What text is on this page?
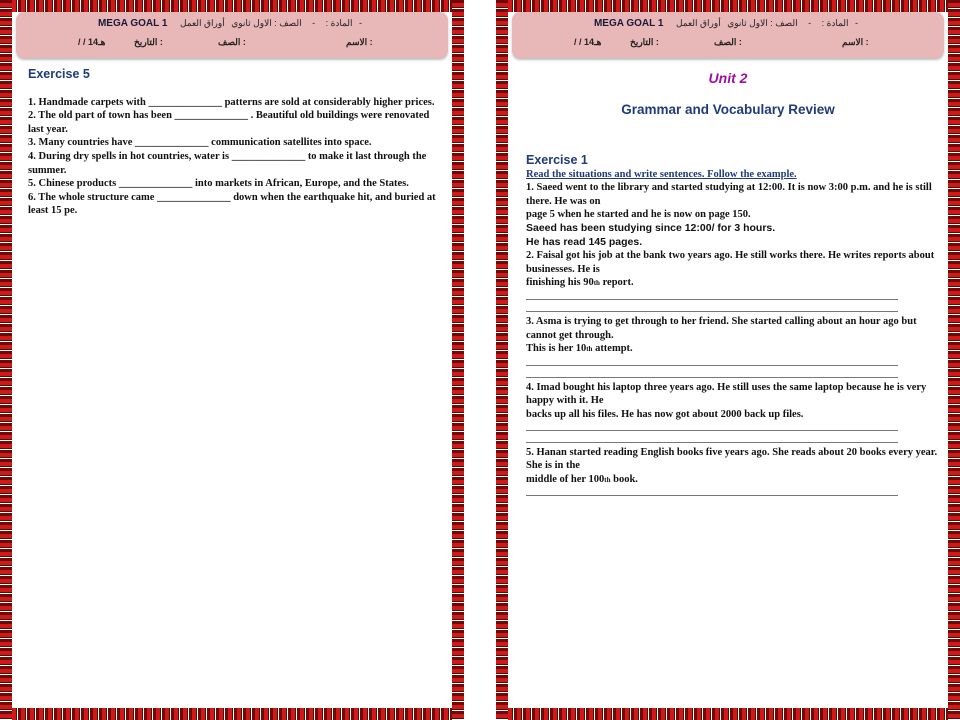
MEGA GOAL 1	المادة : - الصف : الاول ثانوي أوراق العمل -
/ / 14هـ	التاريخ :	الصف :	الاسم :
Exercise 5
1. Handmade carpets with ______________ patterns are sold at considerably higher prices.
2. The old part of town has been ______________ . Beautiful old buildings were renovated
last year.
3. Many countries have ______________ communication satellites into space.
4. During dry spells in hot countries, water is ______________ to make it last through the summer.
5. Chinese products ______________ into markets in African, Europe, and the States.
6. The whole structure came ______________ down when the earthquake hit, and buried at least 15 pe.
MEGA GOAL 1	المادة : - الصف : الاول ثانوي أوراق العمل -
/ / 14هـ	التاريخ :	الصف :	الاسم :
Unit 2
Grammar and Vocabulary Review
Exercise 1
Read the situations and write sentences. Follow the example.
1. Saeed went to the library and started studying at 12:00. It is now 3:00 p.m. and he is still there. He was on
page 5 when he started and he is now on page 150.
Saeed has been studying since 12:00/ for 3 hours.
He has read 145 pages.
2. Faisal got his job at the bank two years ago. He still works there. He writes reports about businesses. He is
finishing his 90th report.
3. Asma is trying to get through to her friend. She started calling about an hour ago but cannot get through.
This is her 10th attempt.
4. Imad bought his laptop three years ago. He still uses the same laptop because he is very happy with it. He
backs up all his files. He has now got about 2000 back up files.
5. Hanan started reading English books five years ago. She reads about 20 books every year. She is in the
middle of her 100th book.
